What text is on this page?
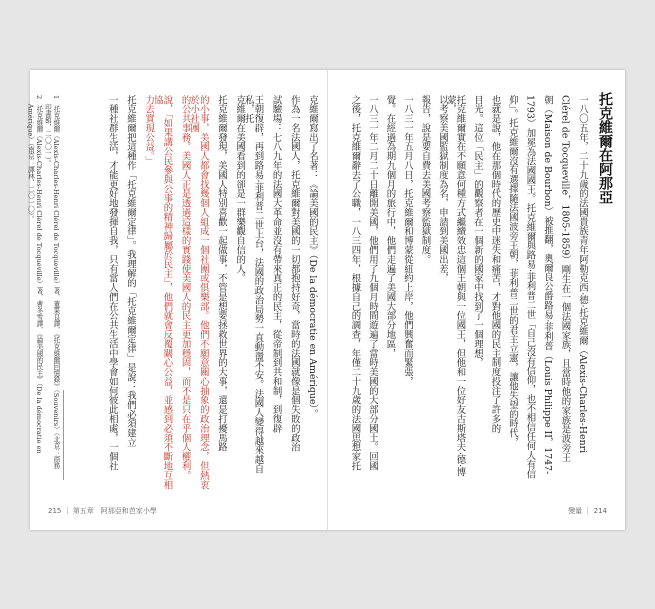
托克維爾在阿那亞
一八〇五年，二十九歲的法國貴族青年阿勒克西·德·托克維爾（Alexis-Charles-Henri
Clérel de Tocqueville，1805-1859）剛生在一個法國家族，且當時他的家族是波旁王
朝（Maison de Bourbon）被推翻，奧爾良公爵路易·菲利普（Louis Philippe II，1747-
1793）加冕為法國國王。托克維爾與路易·菲利普二世「自己沒有信仰，也不相信任何人有信
仰」。托克維爾沒有選擇隨法國波旁王朝，菲利普二世的君主立憲，讓他失望的時代，
也就是說，他在那個時代的歷史中迷失和痛苦，才對他國的民主制度投注了許多的
目光。這位「民主」的觀察者在一個新的國家中找到了一個理想，
托克維爾實在不願意何種方式繼續效忠這個王朝與一位國王，但他和一位好友古斯塔夫·德·博蒙，
以考察美國監獄制度為名，申請到美國出差，
報告，說是要自費去美國考察監獄制度。
一八三一年五月八日，托克維爾和博蒙從紐約上岸，他們興奮而緊張，
覺。在經過為期九個月的旅行中，他們走遍了美國大部分地區，
一八三一年二月二十日離開美國，他們用了九個月時間遊遍了當時美國的大部分國土。回國
之後，托克維爾辭去了公職，一八三四年，根據自己的調查，年僅二十九歲的法國思想家托
克維爾寫出了名著：《論美國的民主》（De la démocratie en Amérique）。
作為一名法國人，托克維爾對美國的一切都抱持好奇，當時的法國就像是個失敗的政治
試驗場：七八九年的法國大革命並沒有帶來真正的民主，從帝制到共和制，到復辟
王朝復辟，再到路易·菲利普二世上台，法國的政治局勢一直動盪不安。法國人變得越來越自私，托
克維爾在美國看到的卻是一群樂觀自信的人。
托克維爾發現，美國人特別喜歡一起做事，不管是想要拯救世界的大事，還是打擾馬路
的小事，美國人都會找幾個人組成一個社團或俱樂部。他們不願意關心抽象的政治理念，但熱衷於小社團
的公共事務。美國人正是透過這樣的實踐使美國人的民主更加穩固，而不是只在乎個人權利。
說，「如果講公民參與公事的精神歸屬於民主」，他們就會反覆關心公益，並感到必須不斷地互相協
力去實現公益。」
托克維爾把這種作「托克維爾定律」。我理解的「托克維爾定律」是說：我們必須建立
一種社群生活，才能更好地發揮自我，只有當人們在公共生活中學會如何彼此相處，一個社
1　托克維爾（Alexis-Charles-Henri Clérel de Tocqueville）著，董果良譯，《托克維爾回憶錄》（Souvenirs）（北京：商務
　 印書館，二〇〇一）。
2　托克維爾（Alexis-Charles-Henri Clérel de Tocqueville）著，曹冬雪譯，《論美國的民主》（De la démocratie en
　 Amérique）（南京：譯林，二〇一〇）。
215 ｜ 第五章　阿那亞和芭家小學	變量 ｜ 214
